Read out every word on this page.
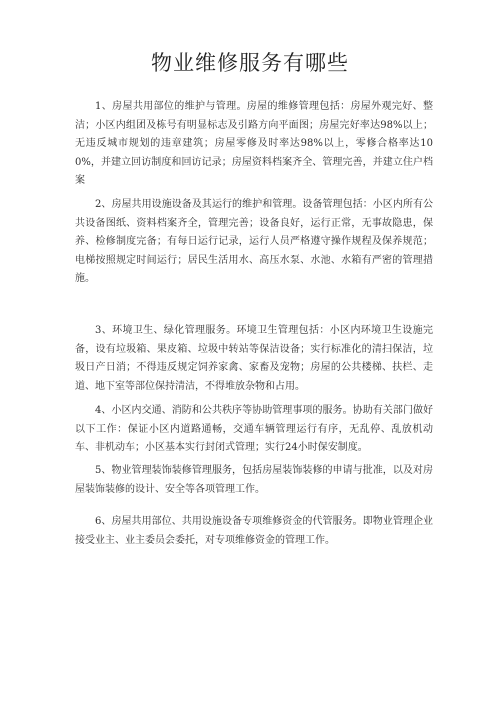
物业维修服务有哪些

1、房屋共用部位的维护与管理。房屋的维修管理包括：房屋外观完好、整洁；小区内组团及栋号有明显标志及引路方向平面图；房屋完好率达98%以上；无违反城市规划的违章建筑；房屋零修及时率达98%以上，零修合格率达100%，并建立回访制度和回访记录；房屋资料档案齐全、管理完善，并建立住户档案

2、房屋共用设施设备及其运行的维护和管理。设备管理包括：小区内所有公共设备图纸、资料档案齐全，管理完善；设备良好，运行正常，无事故隐患，保养、检修制度完备；有每日运行记录，运行人员严格遵守操作规程及保养规范；电梯按照规定时间运行；居民生活用水、高压水泵、水池、水箱有严密的管理措施。

3、环境卫生、绿化管理服务。环境卫生管理包括：小区内环境卫生设施完备，设有垃圾箱、果皮箱、垃圾中转站等保洁设备；实行标准化的清扫保洁，垃圾日产日消；不得违反规定饲养家禽、家畜及宠物；房屋的公共楼梯、扶栏、走道、地下室等部位保持清洁，不得堆放杂物和占用。

4、小区内交通、消防和公共秩序等协助管理事项的服务。协助有关部门做好以下工作：保证小区内道路通畅，交通车辆管理运行有序，无乱停、乱放机动车、非机动车；小区基本实行封闭式管理；实行24小时保安制度。

5、物业管理装饰装修管理服务，包括房屋装饰装修的申请与批准，以及对房屋装饰装修的设计、安全等各项管理工作。

6、房屋共用部位、共用设施设备专项维修资金的代管服务。即物业管理企业接受业主、业主委员会委托，对专项维修资金的管理工作。
